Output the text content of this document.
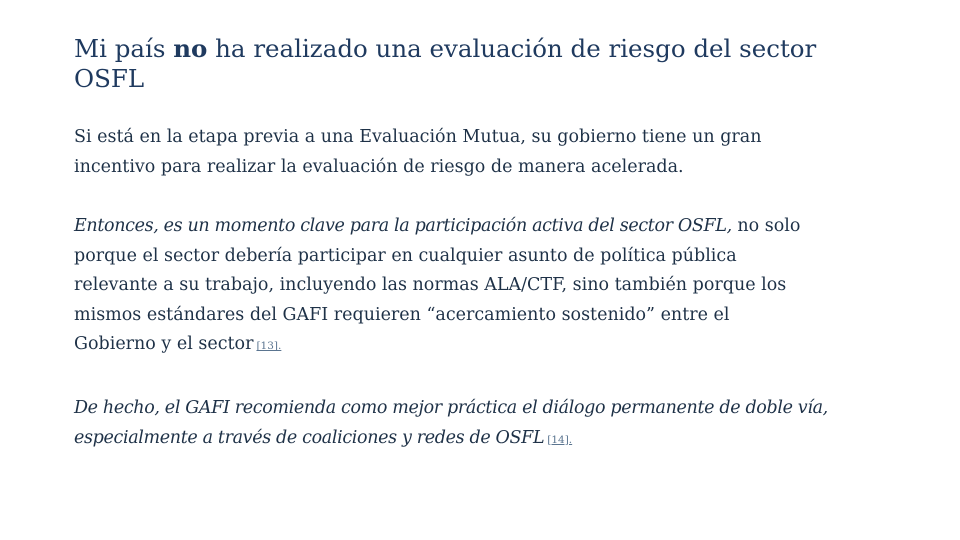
Mi país no ha realizado una evaluación de riesgo del sector OSFL

Si está en la etapa previa a una Evaluación Mutua, su gobierno tiene un gran incentivo para realizar la evaluación de riesgo de manera acelerada.

Entonces, es un momento clave para la participación activa del sector OSFL, no solo porque el sector debería participar en cualquier asunto de política pública relevante a su trabajo, incluyendo las normas ALA/CTF, sino también porque los mismos estándares del GAFI requieren “acercamiento sostenido” entre el Gobierno y el sector [13].

De hecho, el GAFI recomienda como mejor práctica el diálogo permanente de doble vía, especialmente a través de coaliciones y redes de OSFL [14].
